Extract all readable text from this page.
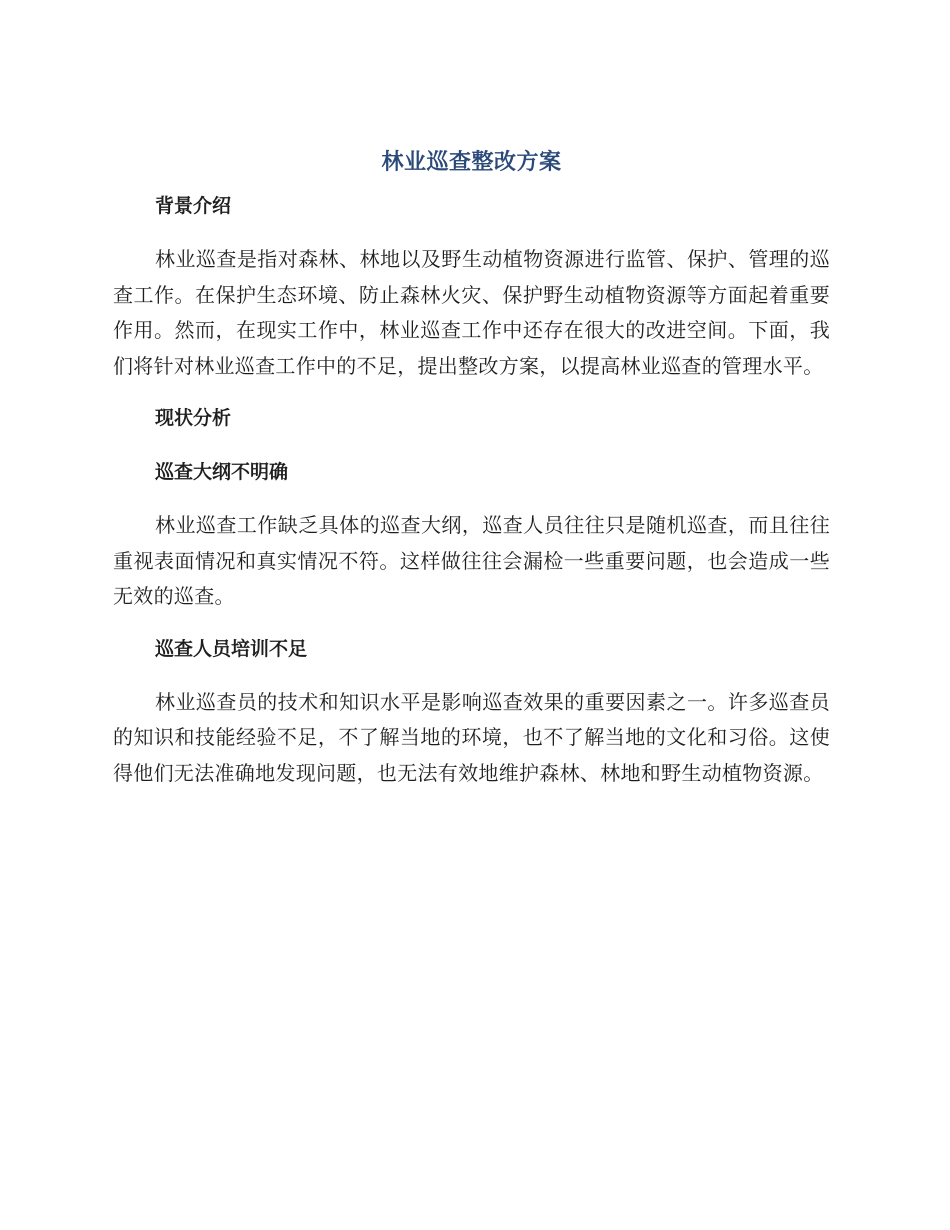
林业巡查整改方案
背景介绍

林业巡查是指对森林、林地以及野生动植物资源进行监管、保护、管理的巡查工作。在保护生态环境、防止森林火灾、保护野生动植物资源等方面起着重要作用。然而，在现实工作中，林业巡查工作中还存在很大的改进空间。下面，我们将针对林业巡查工作中的不足，提出整改方案，以提高林业巡查的管理水平。

现状分析
巡查大纲不明确

林业巡查工作缺乏具体的巡查大纲，巡查人员往往只是随机巡查，而且往往重视表面情况和真实情况不符。这样做往往会漏检一些重要问题，也会造成一些无效的巡查。

巡查人员培训不足

林业巡查员的技术和知识水平是影响巡查效果的重要因素之一。许多巡查员的知识和技能经验不足，不了解当地的环境，也不了解当地的文化和习俗。这使得他们无法准确地发现问题，也无法有效地维护森林、林地和野生动植物资源。
